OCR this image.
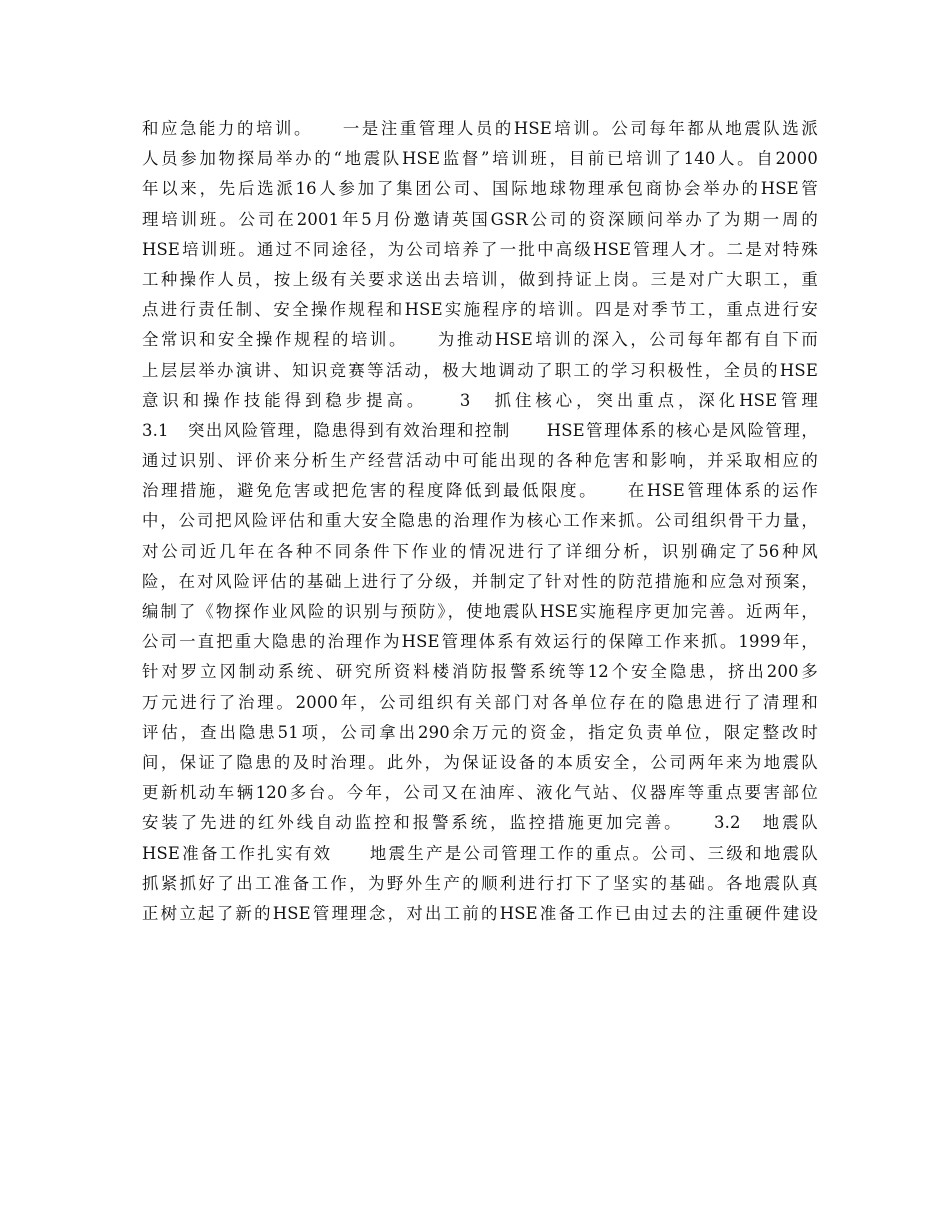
和应急能力的培训。　　一是注重管理人员的HSE培训。公司每年都从地震队选派
人员参加物探局举办的“地震队HSE监督”培训班，目前已培训了140人。自2000
年以来，先后选派16人参加了集团公司、国际地球物理承包商协会举办的HSE管
理培训班。公司在2001年5月份邀请英国GSR公司的资深顾问举办了为期一周的
HSE培训班。通过不同途径，为公司培养了一批中高级HSE管理人才。二是对特殊
工种操作人员，按上级有关要求送出去培训，做到持证上岗。三是对广大职工，重
点进行责任制、安全操作规程和HSE实施程序的培训。四是对季节工，重点进行安
全常识和安全操作规程的培训。　　为推动HSE培训的深入，公司每年都有自下而
上层层举办演讲、知识竞赛等活动，极大地调动了职工的学习积极性，全员的HSE
意识和操作技能得到稳步提高。　　3　抓住核心，突出重点，深化HSE管理
3.1　突出风险管理，隐患得到有效治理和控制　　HSE管理体系的核心是风险管理，
通过识别、评价来分析生产经营活动中可能出现的各种危害和影响，并采取相应的
治理措施，避免危害或把危害的程度降低到最低限度。　　在HSE管理体系的运作
中，公司把风险评估和重大安全隐患的治理作为核心工作来抓。公司组织骨干力量，
对公司近几年在各种不同条件下作业的情况进行了详细分析，识别确定了56种风
险，在对风险评估的基础上进行了分级，并制定了针对性的防范措施和应急对预案，
编制了《物探作业风险的识别与预防》，使地震队HSE实施程序更加完善。近两年，
公司一直把重大隐患的治理作为HSE管理体系有效运行的保障工作来抓。1999年，
针对罗立冈制动系统、研究所资料楼消防报警系统等12个安全隐患，挤出200多
万元进行了治理。2000年，公司组织有关部门对各单位存在的隐患进行了清理和
评估，查出隐患51项，公司拿出290余万元的资金，指定负责单位，限定整改时
间，保证了隐患的及时治理。此外，为保证设备的本质安全，公司两年来为地震队
更新机动车辆120多台。今年，公司又在油库、液化气站、仪器库等重点要害部位
安装了先进的红外线自动监控和报警系统，监控措施更加完善。　　3.2　地震队
HSE准备工作扎实有效　　地震生产是公司管理工作的重点。公司、三级和地震队
抓紧抓好了出工准备工作，为野外生产的顺利进行打下了坚实的基础。各地震队真
正树立起了新的HSE管理理念，对出工前的HSE准备工作已由过去的注重硬件建设
